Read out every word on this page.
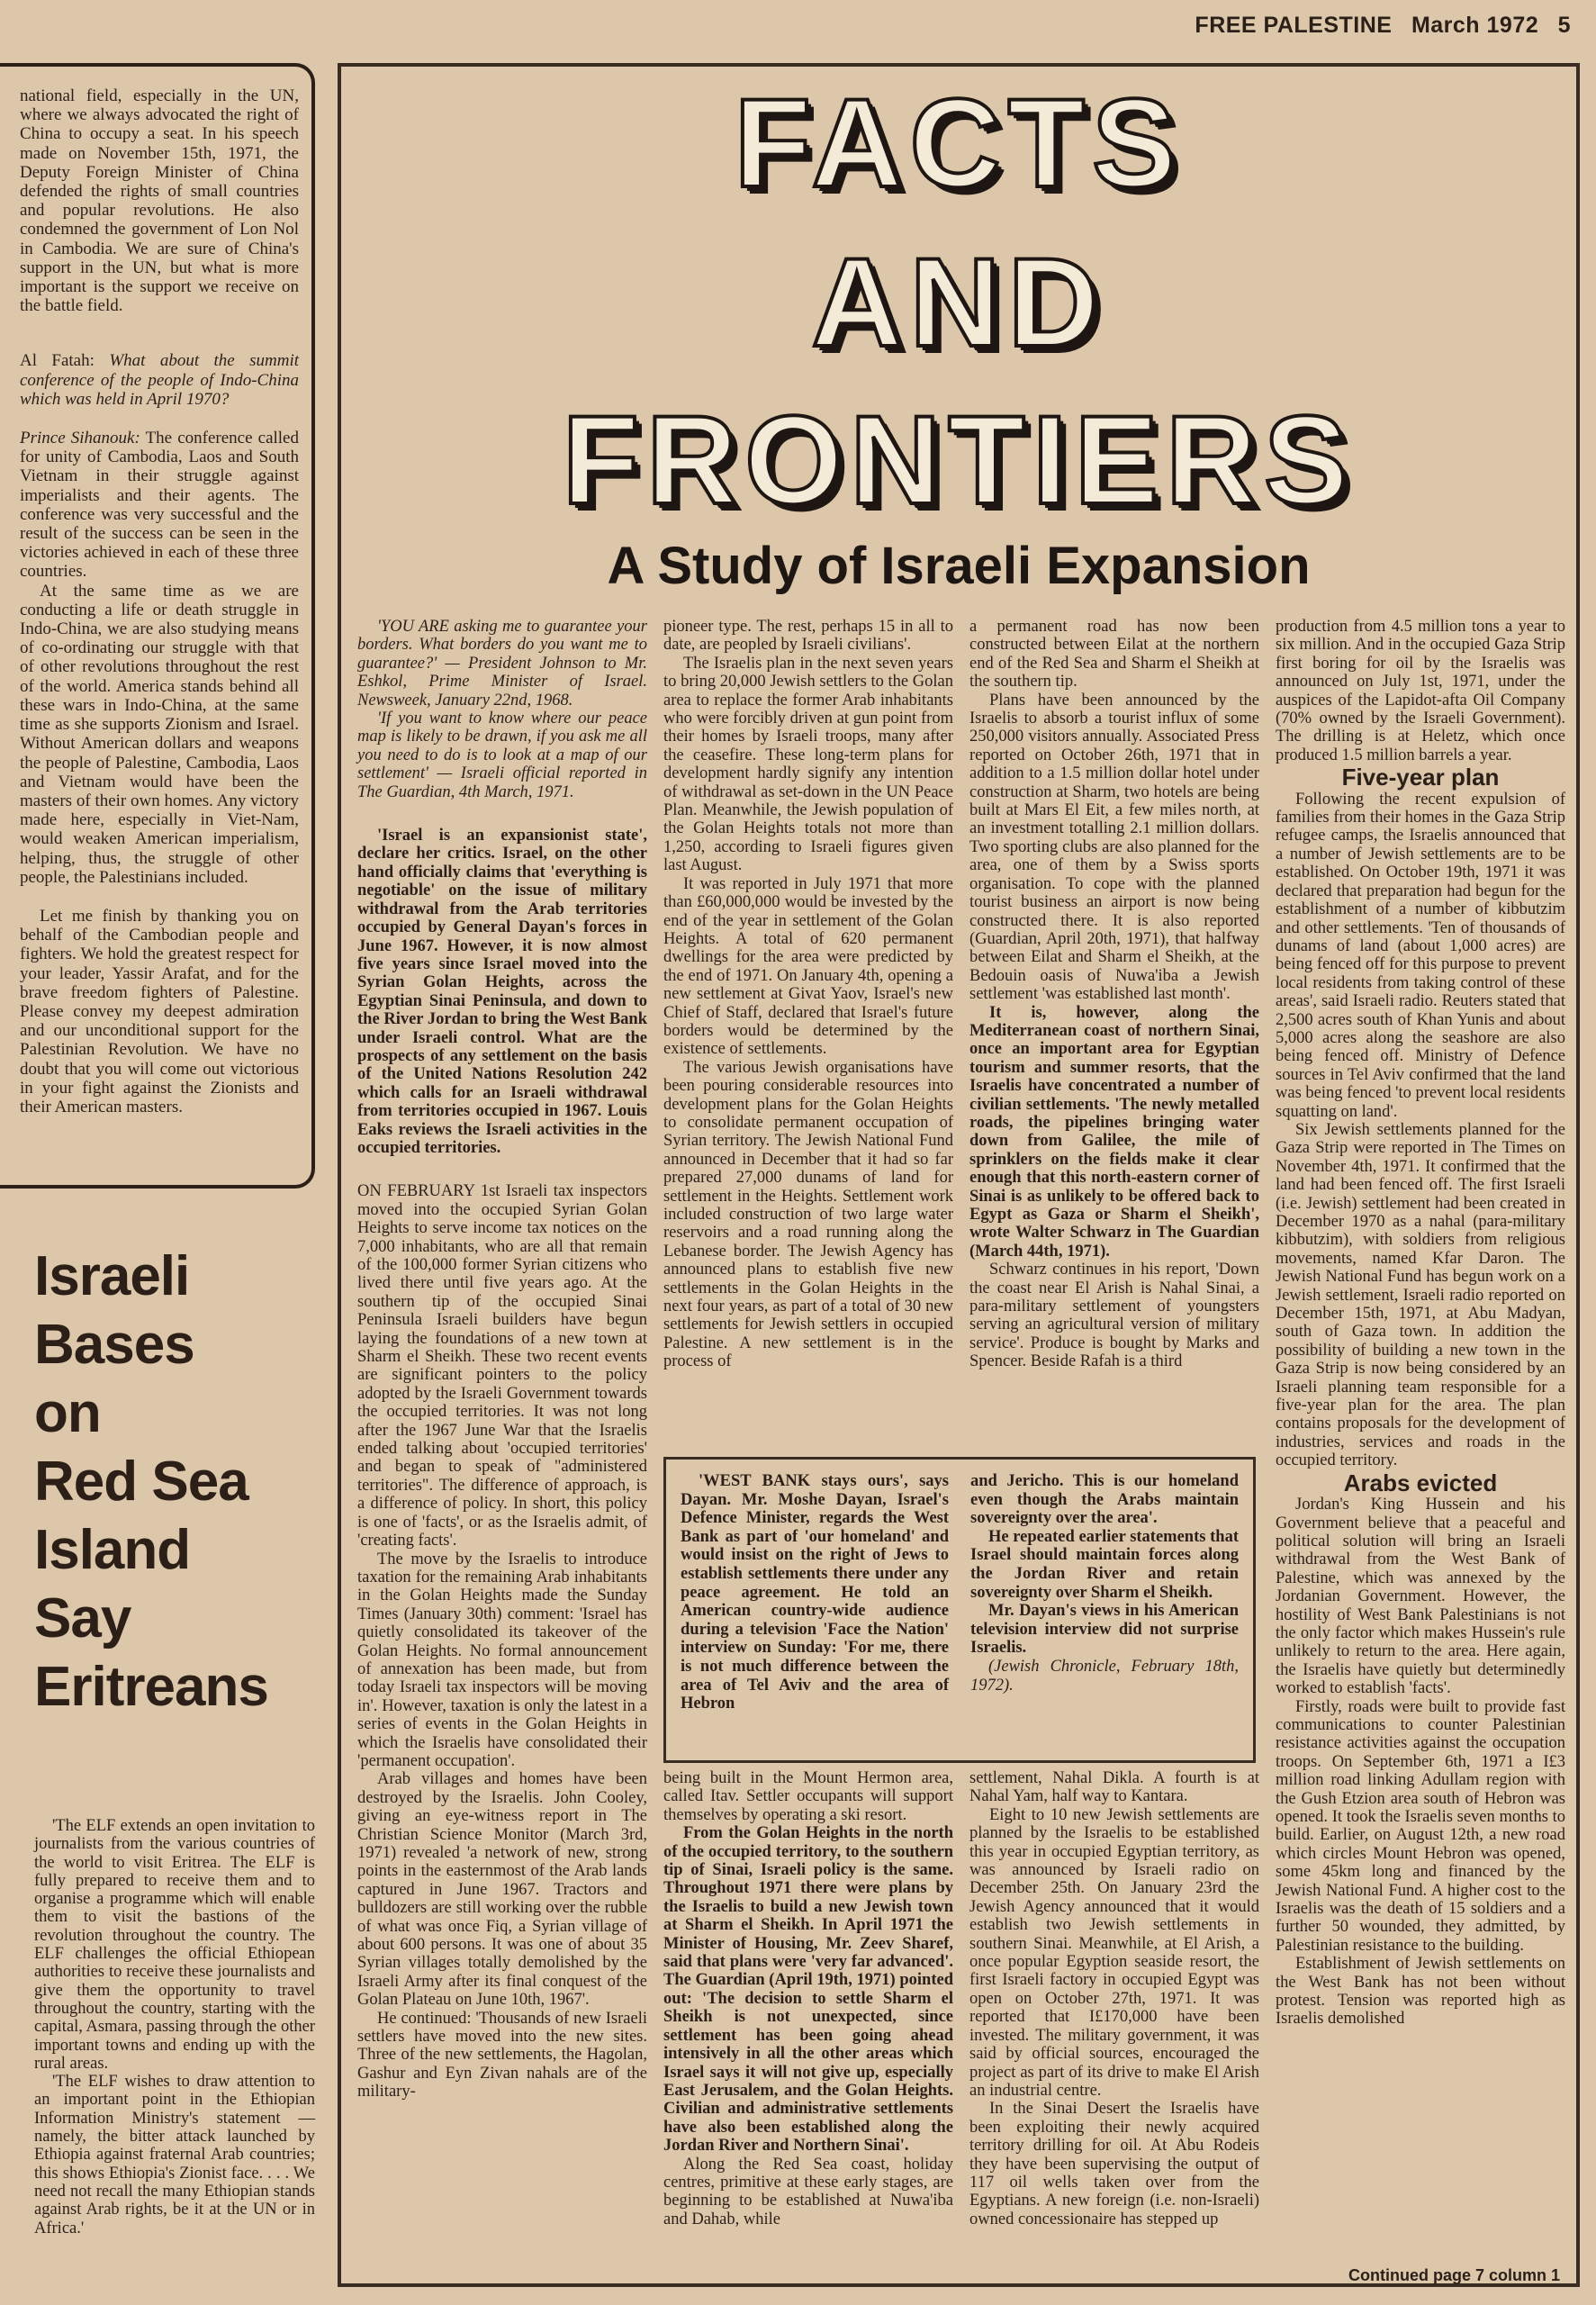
FREE PALESTINE March 1972 5

national field, especially in the UN, where we always advocated the right of China to occupy a seat. In his speech made on November 15th, 1971, the Deputy Foreign Minister of China defended the rights of small countries and popular revolutions. He also condemned the government of Lon Nol in Cambodia. We are sure of China's support in the UN, but what is more important is the support we receive on the battle field.

Al Fatah: What about the summit conference of the people of Indo-China which was held in April 1970?

Prince Sihanouk: The conference called for unity of Cambodia, Laos and South Vietnam in their struggle against imperialists and their agents. The conference was very successful and the result of the success can be seen in the victories achieved in each of these three countries.

At the same time as we are conducting a life or death struggle in Indo-China, we are also studying means of co-ordinating our struggle with that of other revolutions throughout the rest of the world. America stands behind all these wars in Indo-China, at the same time as she supports Zionism and Israel. Without American dollars and weapons the people of Palestine, Cambodia, Laos and Vietnam would have been the masters of their own homes. Any victory made here, especially in Viet-Nam, would weaken American imperialism, helping, thus, the struggle of other people, the Palestinians included.

Let me finish by thanking you on behalf of the Cambodian people and fighters. We hold the greatest respect for your leader, Yassir Arafat, and for the brave freedom fighters of Palestine. Please convey my deepest admiration and our unconditional support for the Palestinian Revolution. We have no doubt that you will come out victorious in your fight against the Zionists and their American masters.

Israeli
Bases
on
Red Sea
Island
Say
Eritreans

'The ELF extends an open invitation to journalists from the various countries of the world to visit Eritrea. The ELF is fully prepared to receive them and to organise a programme which will enable them to visit the bastions of the revolution throughout the country. The ELF challenges the official Ethiopean authorities to receive these journalists and give them the opportunity to travel throughout the country, starting with the capital, Asmara, passing through the other important towns and ending up with the rural areas.

'The ELF wishes to draw attention to an important point in the Ethiopian Information Ministry's statement — namely, the bitter attack launched by Ethiopia against fraternal Arab countries; this shows Ethiopia's Zionist face. . . . We need not recall the many Ethiopian stands against Arab rights, be it at the UN or in Africa.'

FACTS
AND
FRONTIERS
A Study of Israeli Expansion

'YOU ARE asking me to guarantee your borders. What borders do you want me to guarantee?' — President Johnson to Mr. Eshkol, Prime Minister of Israel. Newsweek, January 22nd, 1968.

'If you want to know where our peace map is likely to be drawn, if you ask me all you need to do is to look at a map of our settlement' — Israeli official reported in The Guardian, 4th March, 1971.

'Israel is an expansionist state', declare her critics. Israel, on the other hand officially claims that 'everything is negotiable' on the issue of military withdrawal from the Arab territories occupied by General Dayan's forces in June 1967. However, it is now almost five years since Israel moved into the Syrian Golan Heights, across the Egyptian Sinai Peninsula, and down to the River Jordan to bring the West Bank under Israeli control. What are the prospects of any settlement on the basis of the United Nations Resolution 242 which calls for an Israeli withdrawal from territories occupied in 1967. Louis Eaks reviews the Israeli activities in the occupied territories.

ON FEBRUARY 1st Israeli tax inspectors moved into the occupied Syrian Golan Heights to serve income tax notices on the 7,000 inhabitants, who are all that remain of the 100,000 former Syrian citizens who lived there until five years ago. At the southern tip of the occupied Sinai Peninsula Israeli builders have begun laying the foundations of a new town at Sharm el Sheikh. These two recent events are significant pointers to the policy adopted by the Israeli Government towards the occupied territories. It was not long after the 1967 June War that the Israelis ended talking about 'occupied territories' and began to speak of "administered territories". The difference of approach, is a difference of policy. In short, this policy is one of 'facts', or as the Israelis admit, of 'creating facts'.

The move by the Israelis to introduce taxation for the remaining Arab inhabitants in the Golan Heights made the Sunday Times (January 30th) comment: 'Israel has quietly consolidated its takeover of the Golan Heights. No formal announcement of annexation has been made, but from today Israeli tax inspectors will be moving in'. However, taxation is only the latest in a series of events in the Golan Heights in which the Israelis have consolidated their 'permanent occupation'.

Arab villages and homes have been destroyed by the Israelis. John Cooley, giving an eye-witness report in The Christian Science Monitor (March 3rd, 1971) revealed 'a network of new, strong points in the easternmost of the Arab lands captured in June 1967. Tractors and bulldozers are still working over the rubble of what was once Fiq, a Syrian village of about 600 persons. It was one of about 35 Syrian villages totally demolished by the Israeli Army after its final conquest of the Golan Plateau on June 10th, 1967'.

He continued: 'Thousands of new Israeli settlers have moved into the new sites. Three of the new settlements, the Hagolan, Gashur and Eyn Zivan nahals are of the military-

pioneer type. The rest, perhaps 15 in all to date, are peopled by Israeli civilians'.

The Israelis plan in the next seven years to bring 20,000 Jewish settlers to the Golan area to replace the former Arab inhabitants who were forcibly driven at gun point from their homes by Israeli troops, many after the ceasefire. These long-term plans for development hardly signify any intention of withdrawal as set-down in the UN Peace Plan. Meanwhile, the Jewish population of the Golan Heights totals not more than 1,250, according to Israeli figures given last August.

It was reported in July 1971 that more than £60,000,000 would be invested by the end of the year in settlement of the Golan Heights. A total of 620 permanent dwellings for the area were predicted by the end of 1971. On January 4th, opening a new settlement at Givat Yaov, Israel's new Chief of Staff, declared that Israel's future borders would be determined by the existence of settlements.

The various Jewish organisations have been pouring considerable resources into development plans for the Golan Heights to consolidate permanent occupation of Syrian territory. The Jewish National Fund announced in December that it had so far prepared 27,000 dunams of land for settlement in the Heights. Settlement work included construction of two large water reservoirs and a road running along the Lebanese border. The Jewish Agency has announced plans to establish five new settlements in the Golan Heights in the next four years, as part of a total of 30 new settlements for Jewish settlers in occupied Palestine. A new settlement is in the process of

a permanent road has now been constructed between Eilat at the northern end of the Red Sea and Sharm el Sheikh at the southern tip.

Plans have been announced by the Israelis to absorb a tourist influx of some 250,000 visitors annually. Associated Press reported on October 26th, 1971 that in addition to a 1.5 million dollar hotel under construction at Sharm, two hotels are being built at Mars El Eit, a few miles north, at an investment totalling 2.1 million dollars. Two sporting clubs are also planned for the area, one of them by a Swiss sports organisation. To cope with the planned tourist business an airport is now being constructed there. It is also reported (Guardian, April 20th, 1971), that halfway between Eilat and Sharm el Sheikh, at the Bedouin oasis of Nuwa'iba a Jewish settlement 'was established last month'.

It is, however, along the Mediterranean coast of northern Sinai, once an important area for Egyptian tourism and summer resorts, that the Israelis have concentrated a number of civilian settlements. 'The newly metalled roads, the pipelines bringing water down from Galilee, the mile of sprinklers on the fields make it clear enough that this north-eastern corner of Sinai is as unlikely to be offered back to Egypt as Gaza or Sharm el Sheikh', wrote Walter Schwarz in The Guardian (March 44th, 1971).

Schwarz continues in his report, 'Down the coast near El Arish is Nahal Sinai, a para-military settlement of youngsters serving an agricultural version of military service'. Produce is bought by Marks and Spencer. Beside Rafah is a third

'WEST BANK stays ours', says Dayan. Mr. Moshe Dayan, Israel's Defence Minister, regards the West Bank as part of 'our homeland' and would insist on the right of Jews to establish settlements there under any peace agreement. He told an American country-wide audience during a television 'Face the Nation' interview on Sunday: 'For me, there is not much difference between the area of Tel Aviv and the area of Hebron

and Jericho. This is our homeland even though the Arabs maintain sovereignty over the area'.

He repeated earlier statements that Israel should maintain forces along the Jordan River and retain sovereignty over Sharm el Sheikh.

Mr. Dayan's views in his American television interview did not surprise Israelis.

(Jewish Chronicle, February 18th, 1972).

being built in the Mount Hermon area, called Itav. Settler occupants will support themselves by operating a ski resort.

From the Golan Heights in the north of the occupied territory, to the southern tip of Sinai, Israeli policy is the same. Throughout 1971 there were plans by the Israelis to build a new Jewish town at Sharm el Sheikh. In April 1971 the Minister of Housing, Mr. Zeev Sharef, said that plans were 'very far advanced'. The Guardian (April 19th, 1971) pointed out: 'The decision to settle Sharm el Sheikh is not unexpected, since settlement has been going ahead intensively in all the other areas which Israel says it will not give up, especially East Jerusalem, and the Golan Heights. Civilian and administrative settlements have also been established along the Jordan River and Northern Sinai'.

Along the Red Sea coast, holiday centres, primitive at these early stages, are beginning to be established at Nuwa'iba and Dahab, while

settlement, Nahal Dikla. A fourth is at Nahal Yam, half way to Kantara.

Eight to 10 new Jewish settlements are planned by the Israelis to be established this year in occupied Egyptian territory, as was announced by Israeli radio on December 25th. On January 23rd the Jewish Agency announced that it would establish two Jewish settlements in southern Sinai. Meanwhile, at El Arish, a once popular Egyption seaside resort, the first Israeli factory in occupied Egypt was open on October 27th, 1971. It was reported that I£170,000 have been invested. The military government, it was said by official sources, encouraged the project as part of its drive to make El Arish an industrial centre.

In the Sinai Desert the Israelis have been exploiting their newly acquired territory drilling for oil. At Abu Rodeis they have been supervising the output of 117 oil wells taken over from the Egyptians. A new foreign (i.e. non-Israeli) owned concessionaire has stepped up

production from 4.5 million tons a year to six million. And in the occupied Gaza Strip first boring for oil by the Israelis was announced on July 1st, 1971, under the auspices of the Lapidot-afta Oil Company (70% owned by the Israeli Government). The drilling is at Heletz, which once produced 1.5 million barrels a year.

Five-year plan

Following the recent expulsion of families from their homes in the Gaza Strip refugee camps, the Israelis announced that a number of Jewish settlements are to be established. On October 19th, 1971 it was declared that preparation had begun for the establishment of a number of kibbutzim and other settlements. 'Ten of thousands of dunams of land (about 1,000 acres) are being fenced off for this purpose to prevent local residents from taking control of these areas', said Israeli radio. Reuters stated that 2,500 acres south of Khan Yunis and about 5,000 acres along the seashore are also being fenced off. Ministry of Defence sources in Tel Aviv confirmed that the land was being fenced 'to prevent local residents squatting on land'.

Six Jewish settlements planned for the Gaza Strip were reported in The Times on November 4th, 1971. It confirmed that the land had been fenced off. The first Israeli (i.e. Jewish) settlement had been created in December 1970 as a nahal (para-military kibbutzim), with soldiers from religious movements, named Kfar Daron. The Jewish National Fund has begun work on a Jewish settlement, Israeli radio reported on December 15th, 1971, at Abu Madyan, south of Gaza town. In addition the possibility of building a new town in the Gaza Strip is now being considered by an Israeli planning team responsible for a five-year plan for the area. The plan contains proposals for the development of industries, services and roads in the occupied territory.

Arabs evicted

Jordan's King Hussein and his Government believe that a peaceful and political solution will bring an Israeli withdrawal from the West Bank of Palestine, which was annexed by the Jordanian Government. However, the hostility of West Bank Palestinians is not the only factor which makes Hussein's rule unlikely to return to the area. Here again, the Israelis have quietly but determinedly worked to establish 'facts'.

Firstly, roads were built to provide fast communications to counter Palestinian resistance activities against the occupation troops. On September 6th, 1971 a I£3 million road linking Adullam region with the Gush Etzion area south of Hebron was opened. It took the Israelis seven months to build. Earlier, on August 12th, a new road which circles Mount Hebron was opened, some 45km long and financed by the Jewish National Fund. A higher cost to the Israelis was the death of 15 soldiers and a further 50 wounded, they admitted, by Palestinian resistance to the building.

Establishment of Jewish settlements on the West Bank has not been without protest. Tension was reported high as Israelis demolished

Continued page 7 column 1
